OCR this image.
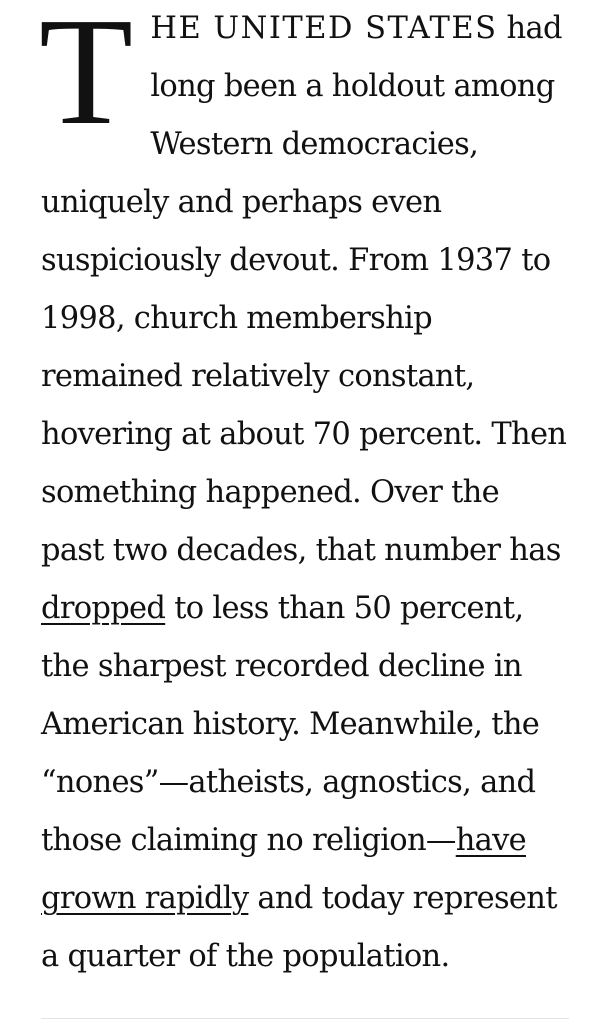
THE UNITED STATES had long been a holdout among Western democracies, uniquely and perhaps even suspiciously devout. From 1937 to 1998, church membership remained relatively constant, hovering at about 70 percent. Then something happened. Over the past two decades, that number has dropped to less than 50 percent, the sharpest recorded decline in American history. Meanwhile, the “nones”—atheists, agnostics, and those claiming no religion—have grown rapidly and today represent a quarter of the population.
